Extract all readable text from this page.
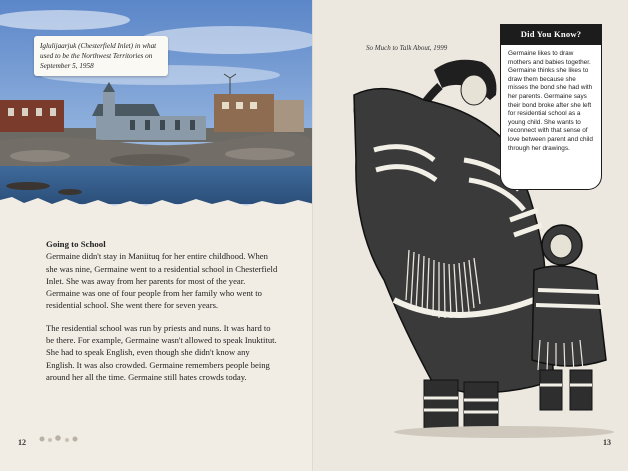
Iglulijaarjuk (Chesterfield Inlet) in what used to be the Northwest Territories on September 5, 1958
Going to School

Germaine didn't stay in Maniituq for her entire childhood. When she was nine, Germaine went to a residential school in Chesterfield Inlet. She was away from her parents for most of the year. Germaine was one of four people from her family who went to residential school. She went there for seven years.

The residential school was run by priests and nuns. It was hard to be there. For example, Germaine wasn't allowed to speak Inuktitut. She had to speak English, even though she didn't know any English. It was also crowded. Germaine remembers people being around her all the time. Germaine still hates crowds today.

12
So Much to Talk About, 1999
Did You Know?
Germaine likes to draw mothers and babies together. Germaine thinks she likes to draw them because she misses the bond she had with her parents. Germaine says their bond broke after she left for residential school as a young child. She wants to reconnect with that sense of love between parent and child through her drawings.
13
